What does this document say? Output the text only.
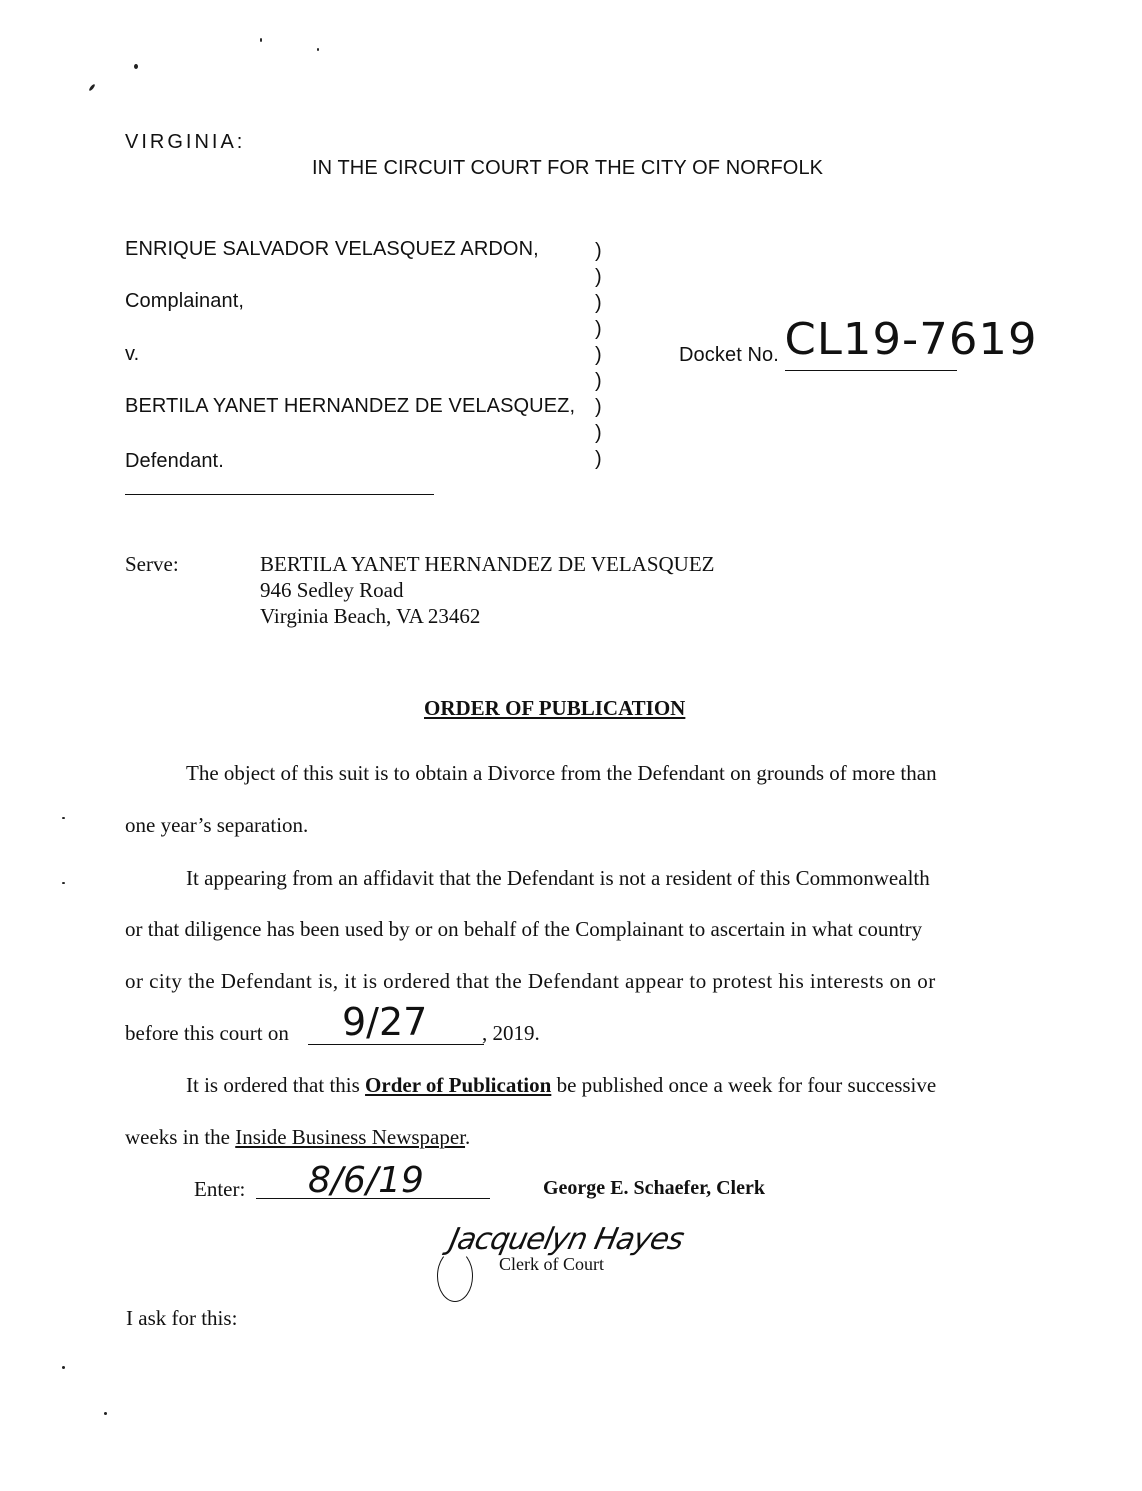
VIRGINIA:
IN THE CIRCUIT COURT FOR THE CITY OF NORFOLK
ENRIQUE SALVADOR VELASQUEZ ARDON,
Complainant,
v.
BERTILA YANET HERNANDEZ DE VELASQUEZ,
Defendant.
)
)
)
)
)
)
)
)
)
Docket No. CL19-7619
Serve:	BERTILA YANET HERNANDEZ DE VELASQUEZ
946 Sedley Road
Virginia Beach, VA 23462
ORDER OF PUBLICATION
The object of this suit is to obtain a Divorce from the Defendant on grounds of more than
one year’s separation.
It appearing from an affidavit that the Defendant is not a resident of this Commonwealth
or that diligence has been used by or on behalf of the Complainant to ascertain in what country
or city the Defendant is, it is ordered that the Defendant appear to protest his interests on or
before this court on 9/27	, 2019.
It is ordered that this Order of Publication be published once a week for four successive
weeks in the Inside Business Newspaper.
Enter: 8/6/19	George E. Schaefer, Clerk
Jacquelyn Hayes
Clerk of Court
I ask for this:
